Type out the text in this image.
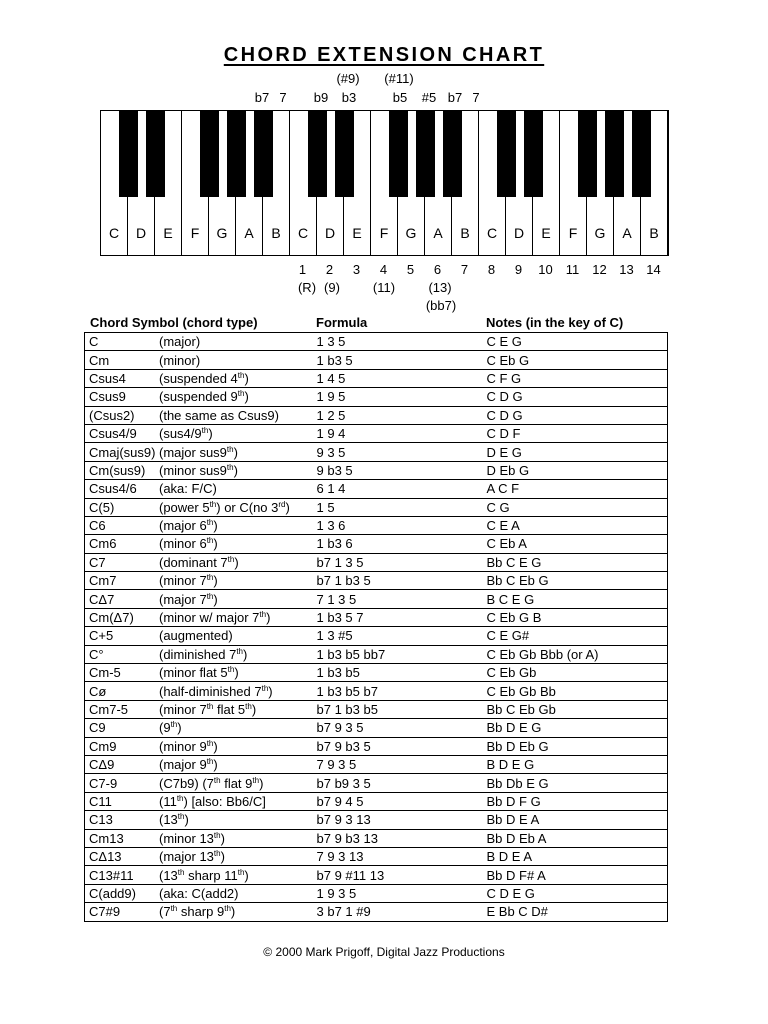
CHORD EXTENSION CHART
(#9) (#11)
b7 7 b9 b3	b5 #5 b7 7
C	D	E	F	G	A	B	C	D	E	F	G	A	B	C	D	E	F	G	A	B
1 2 3 4 5 6 7 8 9 10 11 12 13 14
(R) (9)	(11)	(13)
(bb7)
Chord Symbol (chord type)	Formula	Notes (in the key of C)
C (major)	1 3 5	C E G
Cm (minor)	1 b3 5	C Eb G
Csus4 (suspended 4th)	1 4 5	C F G
Csus9 (suspended 9th)	1 9 5	C D G
(Csus2) (the same as Csus9)	1 2 5	C D G
Csus4/9 (sus4/9th)	1 9 4	C D F
Cmaj(sus9) (major sus9th)	9 3 5	D E G
Cm(sus9) (minor sus9th)	9 b3 5	D Eb G
Csus4/6 (aka: F/C)	6 1 4	A C F
C(5) (power 5th) or C(no 3rd)	1 5	C G
C6 (major 6th)	1 3 6	C E A
Cm6 (minor 6th)	1 b3 6	C Eb A
C7 (dominant 7th)	b7 1 3 5	Bb C E G
Cm7 (minor 7th)	b7 1 b3 5	Bb C Eb G
CΔ7 (major 7th)	7 1 3 5	B C E G
Cm(Δ7) (minor w/ major 7th)	1 b3 5 7	C Eb G B
C+5 (augmented)	1 3 #5	C E G#
C° (diminished 7th)	1 b3 b5 bb7	C Eb Gb Bbb (or A)
Cm-5 (minor flat 5th)	1 b3 b5	C Eb Gb
Cø (half-diminished 7th)	1 b3 b5 b7	C Eb Gb Bb
Cm7-5 (minor 7th flat 5th)	b7 1 b3 b5	Bb C Eb Gb
C9 (9th)	b7 9 3 5	Bb D E G
Cm9 (minor 9th)	b7 9 b3 5	Bb D Eb G
CΔ9 (major 9th)	7 9 3 5	B D E G
C7-9 (C7b9) (7th flat 9th)	b7 b9 3 5	Bb Db E G
C11 (11th) [also: Bb6/C]	b7 9 4 5	Bb D F G
C13 (13th)	b7 9 3 13	Bb D E A
Cm13 (minor 13th)	b7 9 b3 13	Bb D Eb A
CΔ13 (major 13th)	7 9 3 13	B D E A
C13#11 (13th sharp 11th)	b7 9 #11 13	Bb D F# A
C(add9) (aka: C(add2)	1 9 3 5	C D E G
C7#9 (7th sharp 9th)	3 b7 1 #9	E Bb C D#
© 2000 Mark Prigoff, Digital Jazz Productions
